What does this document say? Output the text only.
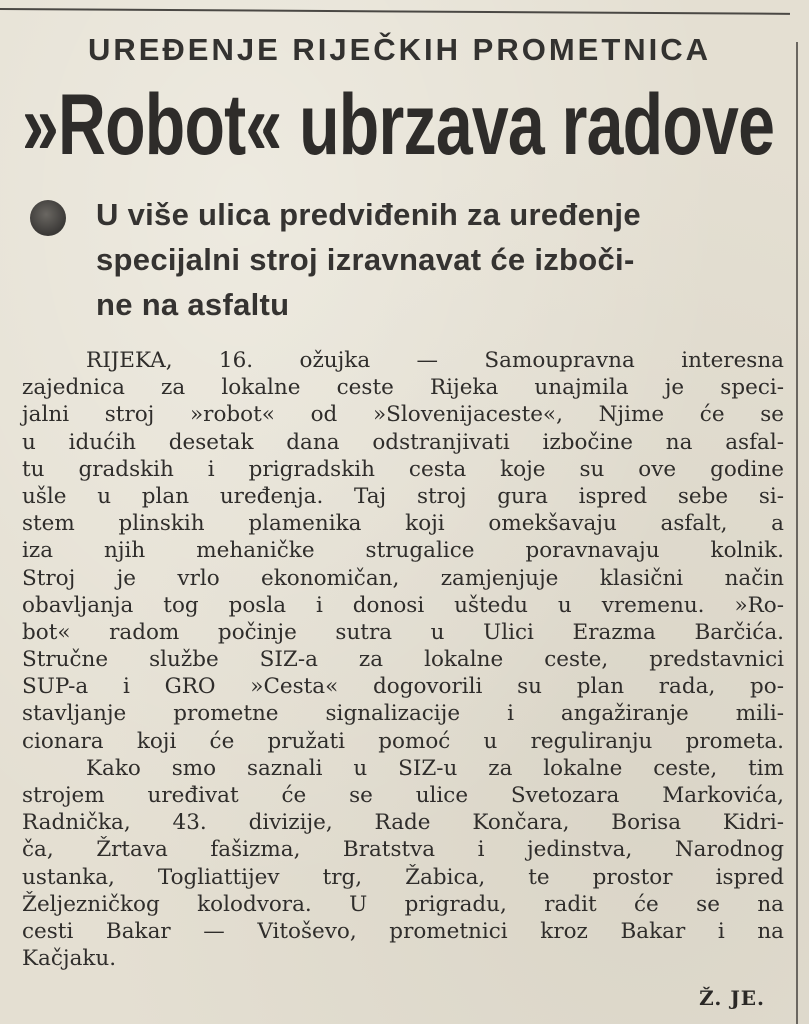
UREĐENJE RIJEČKIH PROMETNICA
»Robot« ubrzava radove
U više ulica predviđenih za uređenje
specijalni stroj izravnavat će izboči-
ne na asfaltu
RIJEKA, 16. ožujka — Samoupravna interesna
zajednica za lokalne ceste Rijeka unajmila je speci-
jalni stroj »robot« od »Slovenijaceste«, Njime će se
u idućih desetak dana odstranjivati izbočine na asfal-
tu gradskih i prigradskih cesta koje su ove godine
ušle u plan uređenja. Taj stroj gura ispred sebe si-
stem plinskih plamenika koji omekšavaju asfalt, a
iza njih mehaničke strugalice poravnavaju kolnik.
Stroj je vrlo ekonomičan, zamjenjuje klasični način
obavljanja tog posla i donosi uštedu u vremenu. »Ro-
bot« radom počinje sutra u Ulici Erazma Barčića.
Stručne službe SIZ-a za lokalne ceste, predstavnici
SUP-a i GRO »Cesta« dogovorili su plan rada, po-
stavljanje prometne signalizacije i angažiranje mili-
cionara koji će pružati pomoć u reguliranju prometa.
Kako smo saznali u SIZ-u za lokalne ceste, tim
strojem uređivat će se ulice Svetozara Markovića,
Radnička, 43. divizije, Rade Končara, Borisa Kidri-
ča, Žrtava fašizma, Bratstva i jedinstva, Narodnog
ustanka, Togliattijev trg, Žabica, te prostor ispred
Željezničkog kolodvora. U prigradu, radit će se na
cesti Bakar — Vitoševo, prometnici kroz Bakar i na
Kačjaku.
Ž. JE.
